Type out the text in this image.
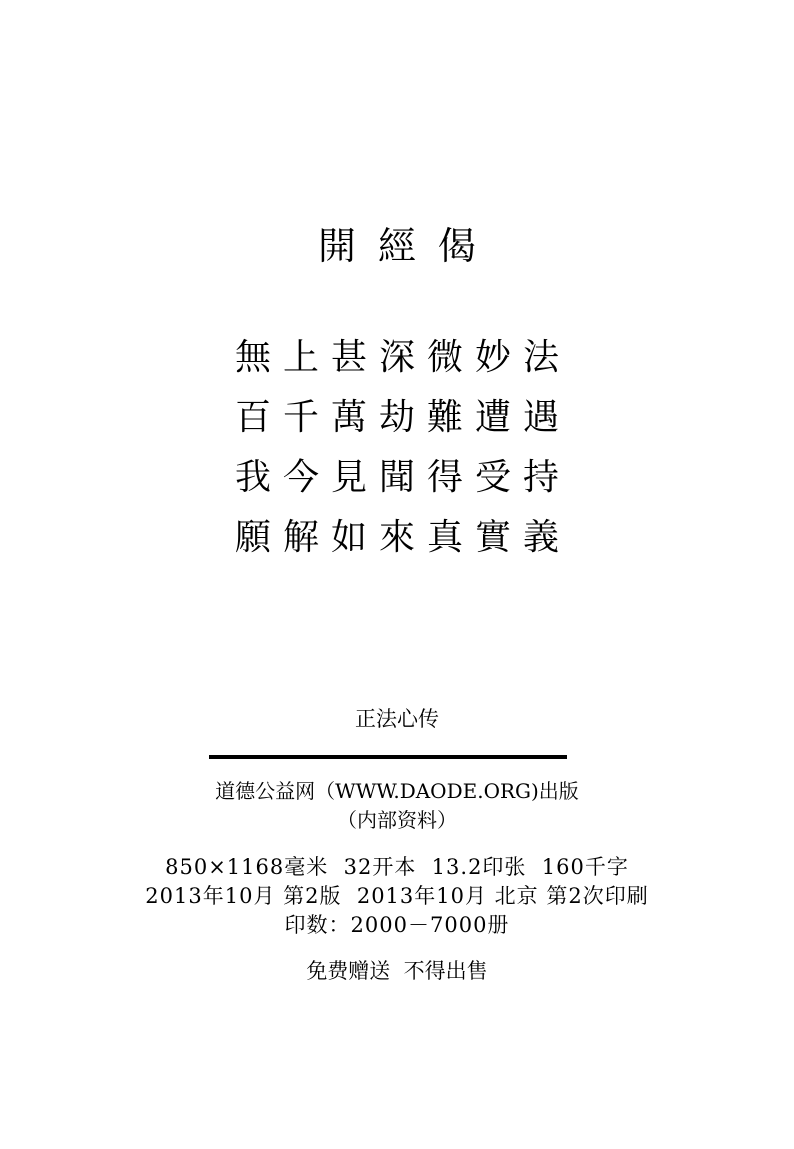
開經偈

無上甚深微妙法

百千萬劫難遭遇

我今見聞得受持

願解如來真實義

正法心传
道德公益网（WWW.DAODE.ORG)出版
（内部资料）

850×1168毫米  32开本  13.2印张  160千字

2013年10月 第2版  2013年10月 北京 第2次印刷

印数：2000－7000册

免费赠送  不得出售
